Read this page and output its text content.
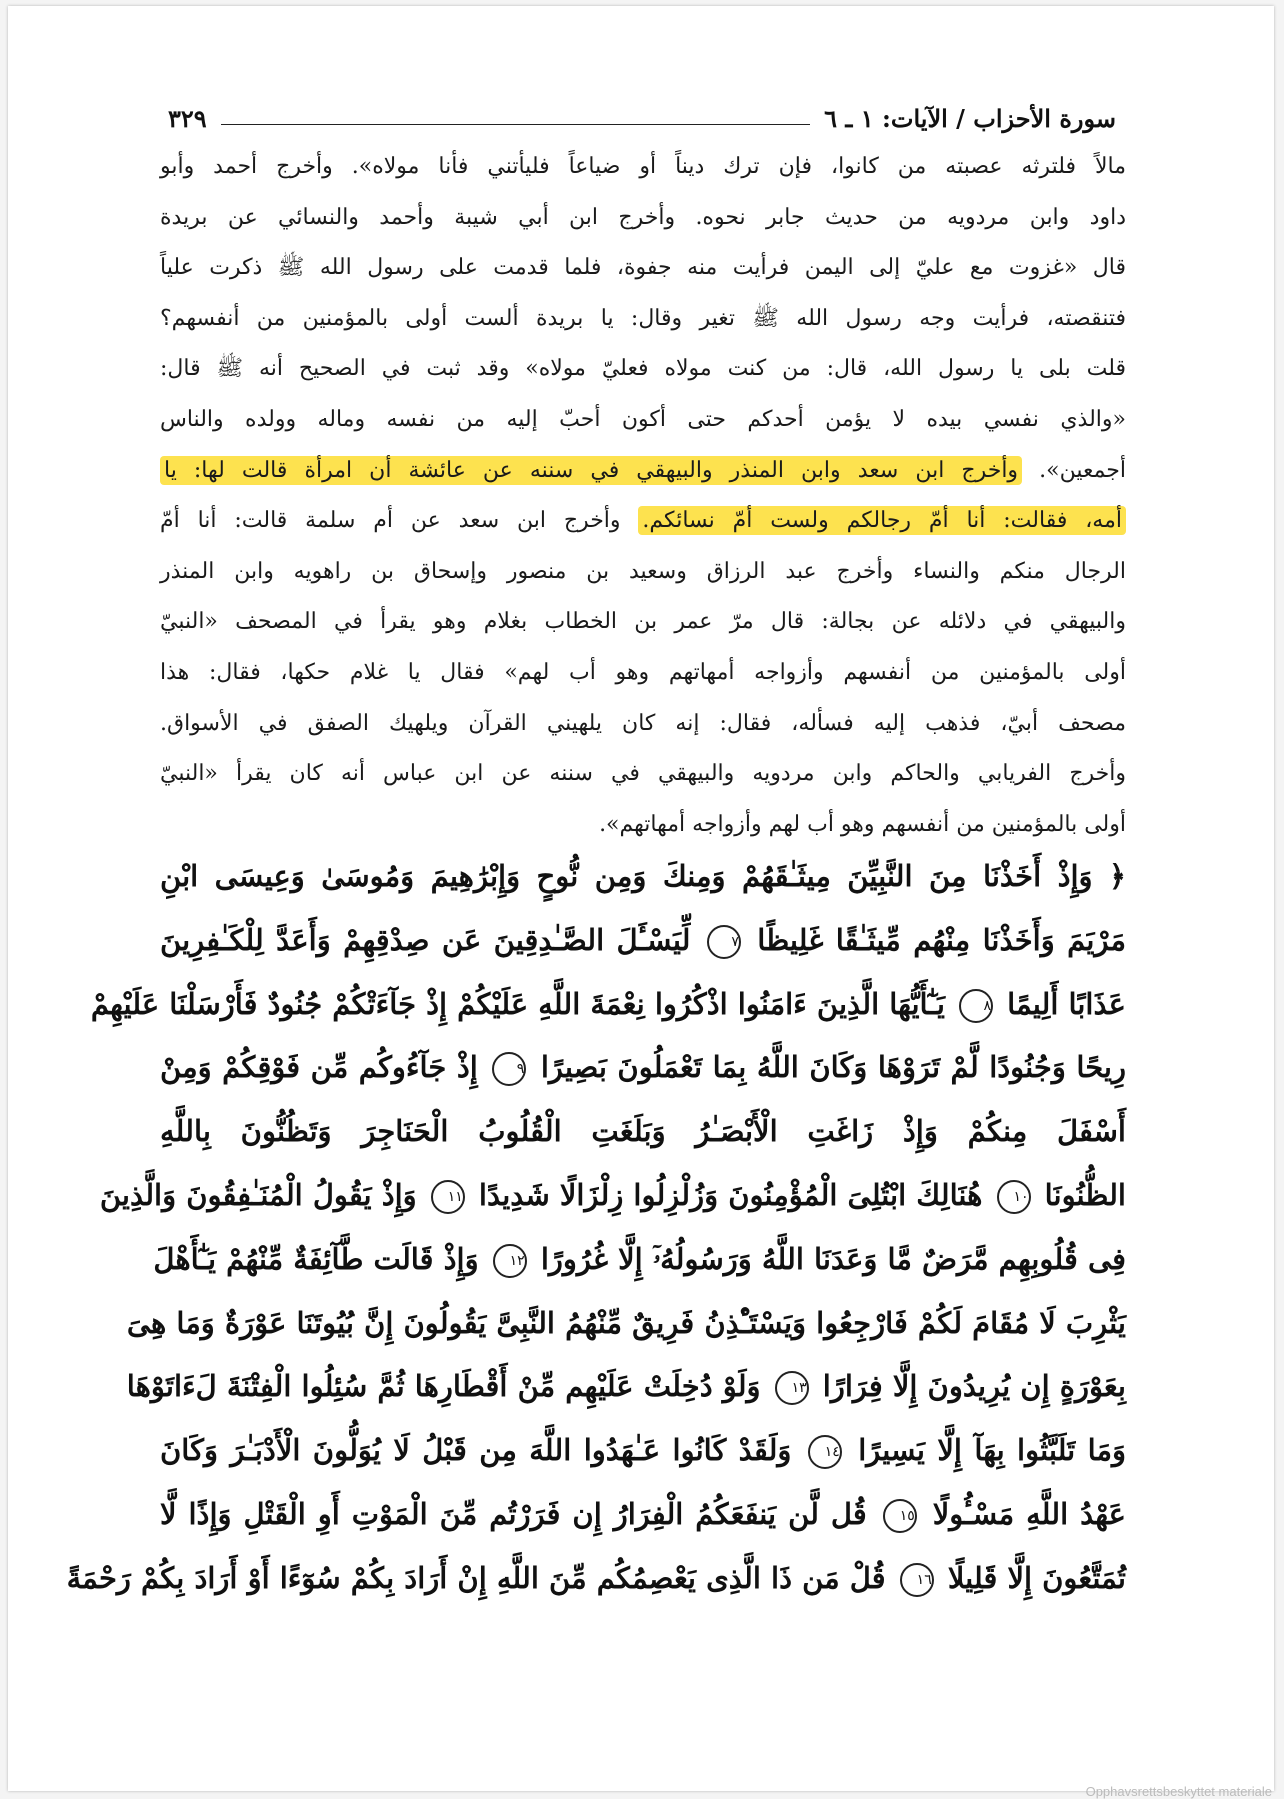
سورة الأحزاب / الآيات: ١ ـ ٦
٣٢٩
مالاً فلترثه عصبته من كانوا، فإن ترك ديناً أو ضياعاً فليأتني فأنا مولاه». وأخرج أحمد وأبو
داود وابن مردويه من حديث جابر نحوه. وأخرج ابن أبي شيبة وأحمد والنسائي عن بريدة
قال «غزوت مع عليّ إلى اليمن فرأيت منه جفوة، فلما قدمت على رسول الله ﷺ ذكرت علياً
فتنقصته، فرأيت وجه رسول الله ﷺ تغير وقال: يا بريدة ألست أولى بالمؤمنين من أنفسهم؟
قلت بلى يا رسول الله، قال: من كنت مولاه فعليّ مولاه» وقد ثبت في الصحيح أنه ﷺ قال:
«والذي نفسي بيده لا يؤمن أحدكم حتى أكون أحبّ إليه من نفسه وماله وولده والناس
أجمعين». وأخرج ابن سعد وابن المنذر والبيهقي في سننه عن عائشة أن امرأة قالت لها: يا
أمه، فقالت: أنا أمّ رجالكم ولست أمّ نسائكم. وأخرج ابن سعد عن أم سلمة قالت: أنا أمّ
الرجال منكم والنساء وأخرج عبد الرزاق وسعيد بن منصور وإسحاق بن راهويه وابن المنذر
والبيهقي في دلائله عن بجالة: قال مرّ عمر بن الخطاب بغلام وهو يقرأ في المصحف «النبيّ
أولى بالمؤمنين من أنفسهم وأزواجه أمهاتهم وهو أب لهم» فقال يا غلام حكها، فقال: هذا
مصحف أبيّ، فذهب إليه فسأله، فقال: إنه كان يلهيني القرآن ويلهيك الصفق في الأسواق.
وأخرج الفريابي والحاكم وابن مردويه والبيهقي في سننه عن ابن عباس أنه كان يقرأ «النبيّ
أولى بالمؤمنين من أنفسهم وهو أب لهم وأزواجه أمهاتهم».
﴿ وَإِذْ أَخَذْنَا مِنَ النَّبِيِّنَ مِيثَـٰقَهُمْ وَمِنكَ وَمِن نُّوحٍ وَإِبْرَٰهِيمَ وَمُوسَىٰ وَعِيسَى ابْنِ
مَرْيَمَ وَأَخَذْنَا مِنْهُم مِّيثَـٰقًا غَلِيظًا ٧ لِّيَسْـَٔلَ الصَّـٰدِقِينَ عَن صِدْقِهِمْ وَأَعَدَّ لِلْكَـٰفِرِينَ
عَذَابًا أَلِيمًا ٨ يَـٰٓأَيُّهَا الَّذِينَ ءَامَنُوا اذْكُرُوا نِعْمَةَ اللَّهِ عَلَيْكُمْ إِذْ جَآءَتْكُمْ جُنُودٌ فَأَرْسَلْنَا عَلَيْهِمْ
رِيحًا وَجُنُودًا لَّمْ تَرَوْهَا وَكَانَ اللَّهُ بِمَا تَعْمَلُونَ بَصِيرًا ٩ إِذْ جَآءُوكُم مِّن فَوْقِكُمْ وَمِنْ
أَسْفَلَ مِنكُمْ وَإِذْ زَاغَتِ الْأَبْصَـٰرُ وَبَلَغَتِ الْقُلُوبُ الْحَنَاجِرَ وَتَظُنُّونَ بِاللَّهِ
الظُّنُونَا ١٠ هُنَالِكَ ابْتُلِىَ الْمُؤْمِنُونَ وَزُلْزِلُوا زِلْزَالًا شَدِيدًا ١١ وَإِذْ يَقُولُ الْمُنَـٰفِقُونَ وَالَّذِينَ
فِى قُلُوبِهِم مَّرَضٌ مَّا وَعَدَنَا اللَّهُ وَرَسُولُهُۥٓ إِلَّا غُرُورًا ١٢ وَإِذْ قَالَت طَّآئِفَةٌ مِّنْهُمْ يَـٰٓأَهْلَ
يَثْرِبَ لَا مُقَامَ لَكُمْ فَارْجِعُوا وَيَسْتَـْٔذِنُ فَرِيقٌ مِّنْهُمُ النَّبِىَّ يَقُولُونَ إِنَّ بُيُوتَنَا عَوْرَةٌ وَمَا هِىَ
بِعَوْرَةٍ إِن يُرِيدُونَ إِلَّا فِرَارًا ١٣ وَلَوْ دُخِلَتْ عَلَيْهِم مِّنْ أَقْطَارِهَا ثُمَّ سُئِلُوا الْفِتْنَةَ لَءَاتَوْهَا
وَمَا تَلَبَّثُوا بِهَآ إِلَّا يَسِيرًا ١٤ وَلَقَدْ كَانُوا عَـٰهَدُوا اللَّهَ مِن قَبْلُ لَا يُوَلُّونَ الْأَدْبَـٰرَ وَكَانَ
عَهْدُ اللَّهِ مَسْـُٔولًا ١٥ قُل لَّن يَنفَعَكُمُ الْفِرَارُ إِن فَرَرْتُم مِّنَ الْمَوْتِ أَوِ الْقَتْلِ وَإِذًا لَّا
تُمَتَّعُونَ إِلَّا قَلِيلًا ١٦ قُلْ مَن ذَا الَّذِى يَعْصِمُكُم مِّنَ اللَّهِ إِنْ أَرَادَ بِكُمْ سُوٓءًا أَوْ أَرَادَ بِكُمْ رَحْمَةً
Opphavsrettsbeskyttet materiale
